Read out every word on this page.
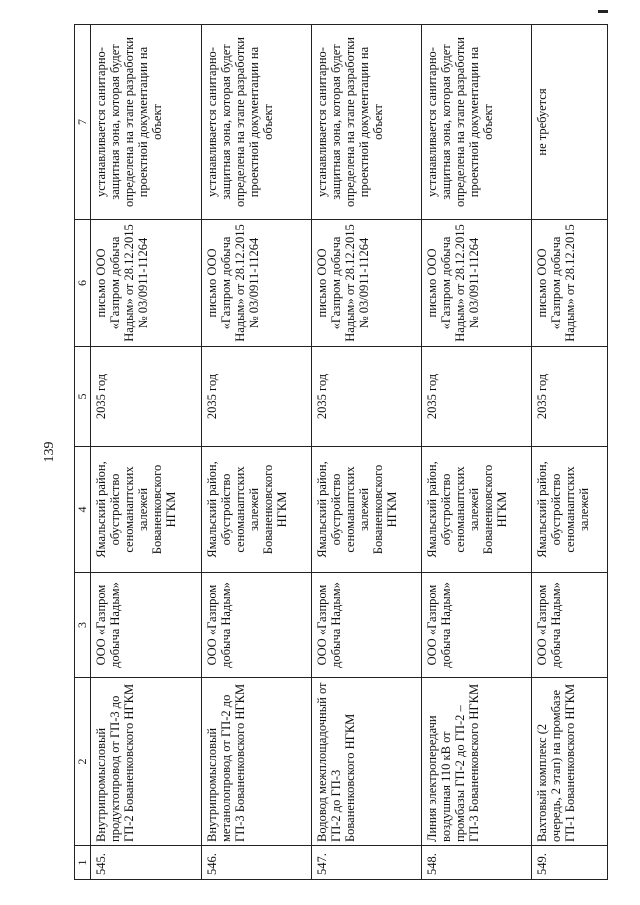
139
1	2	3	4	5	6	7
545.	Внутрипромысловый продуктопровод от ГП-3 до ГП-2 Бованенковского НГКМ	ООО «Газпром добыча Надым»	Ямальский район, обустройство сеноманаптских залежей Бованенковского НГКМ	2035 год	письмо ООО «Газпром добыча Надым» от 28.12.2015 № 03/0911-11264	устанавливается санитарно-защитная зона, которая будет определена на этапе разработки проектной документации на объект
546.	Внутрипромысловый метанолопровод от ГП-2 до ГП-3 Бованенковского НГКМ	ООО «Газпром добыча Надым»	Ямальский район, обустройство сеноманаптских залежей Бованенковского НГКМ	2035 год	письмо ООО «Газпром добыча Надым» от 28.12.2015 № 03/0911-11264	устанавливается санитарно-защитная зона, которая будет определена на этапе разработки проектной документации на объект
547.	Водовод межплощадочный от ГП-2 до ГП-3 Бованенковского НГКМ	ООО «Газпром добыча Надым»	Ямальский район, обустройство сеноманаптских залежей Бованенковского НГКМ	2035 год	письмо ООО «Газпром добыча Надым» от 28.12.2015 № 03/0911-11264	устанавливается санитарно-защитная зона, которая будет определена на этапе разработки проектной документации на объект
548.	Линия электропередачи воздушная 110 кВ от промбазы ГП-2 до ГП-2 – ГП-3 Бованенковского НГКМ	ООО «Газпром добыча Надым»	Ямальский район, обустройство сеноманаптских залежей Бованенковского НГКМ	2035 год	письмо ООО «Газпром добыча Надым» от 28.12.2015 № 03/0911-11264	устанавливается санитарно-защитная зона, которая будет определена на этапе разработки проектной документации на объект
549.	Вахтовый комплекс (2 очередь, 2 этап) на промбазе ГП-1 Бованенковского НГКМ	ООО «Газпром добыча Надым»	Ямальский район, обустройство сеноманаптских залежей	2035 год	письмо ООО «Газпром добыча Надым» от 28.12.2015	не требуется
